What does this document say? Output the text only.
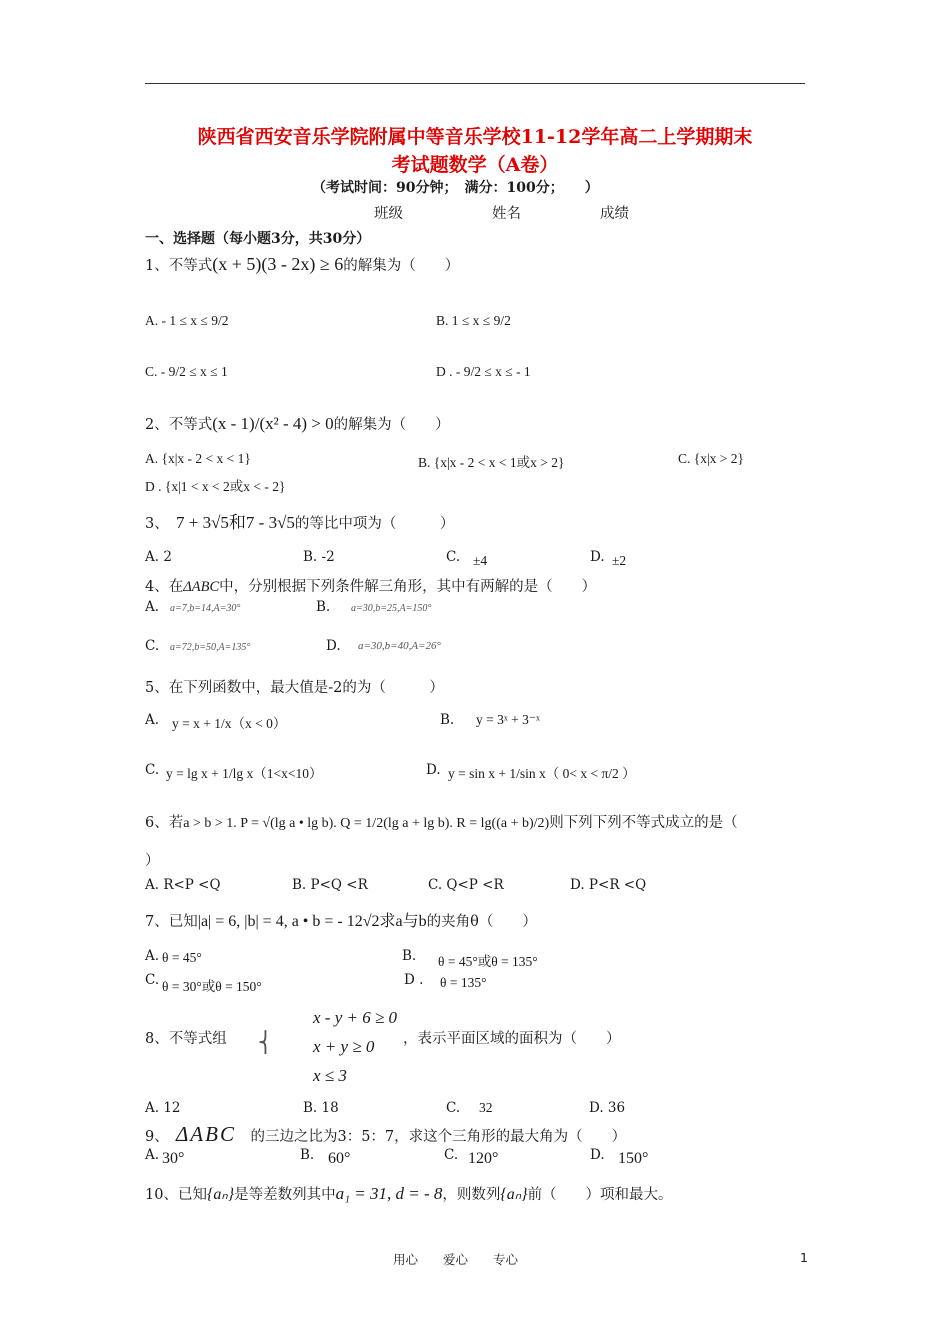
陕西省西安音乐学院附属中等音乐学校11-12学年高二上学期期末
考试题数学（A卷）
（考试时间：90分钟；　满分：100分；　　）
班级	姓名	成绩
一、选择题（每小题3分，共30分）
1、不等式(x + 5)(3 - 2x) ≥ 6的解集为（　　）
A. - 1 ≤ x ≤ 9/2	B. 1 ≤ x ≤ 9/2
C. - 9/2 ≤ x ≤ 1	D . - 9/2 ≤ x ≤ - 1
2、不等式(x - 1)/(x² - 4) > 0的解集为（　　）
A. {x|x - 2 < x < 1}	B. {x|x - 2 < x < 1或x > 2}	C. {x|x > 2}
D . {x|1 < x < 2或x < - 2}
3、　 7 + 3√5和7 - 3√5的等比中项为（　　　）
A. 2	B. -2	C. ±4	D. ±2
4、在ΔABC中，分别根据下列条件解三角形，其中有两解的是（　　）
A. a=7,b=14,A=30°	B. a=30,b=25,A=150°
C. a=72,b=50,A=135°	D. a=30,b=40,A=26°
5、在下列函数中，最大值是-2的为（　　　）
A. y = x + 1/x（x < 0）	B. y = 3ˣ + 3⁻ˣ
C. y = lg x + 1/lg x（1<x<10）	D. y = sin x + 1/sin x（ 0< x < π/2 ）
6、若a > b > 1. P = √(lg a • lg b). Q = 1/2(lg a + lg b). R = lg((a + b)/2)则下列下列不等式成立的是（
）
A. R<P <Q	B. P<Q <R	C. Q<P <R	D. P<R <Q
7、已知|a| = 6, |b| = 4, a • b = - 12√2求a与b的夹角θ（　　）
A. θ = 45°	B. θ = 45°或θ = 135°
C. θ = 30°或θ = 150°	D . θ = 135°
8、不等式组 ⎨
x - y + 6 ≥ 0
x + y ≥ 0
x ≤ 3
，表示平面区域的面积为（　　）
A. 12	B. 18	C. 32	D. 36
9、　 ΔABC　 的三边之比为3：5：7，求这个三角形的最大角为（　　）
A. 30°	B. 60°	C. 120°	D. 150°
10、已知{aₙ}是等差数列其中a₁ = 31, d = - 8，则数列{aₙ}前（　　）项和最大。
用心　　爱心　　专心	1
